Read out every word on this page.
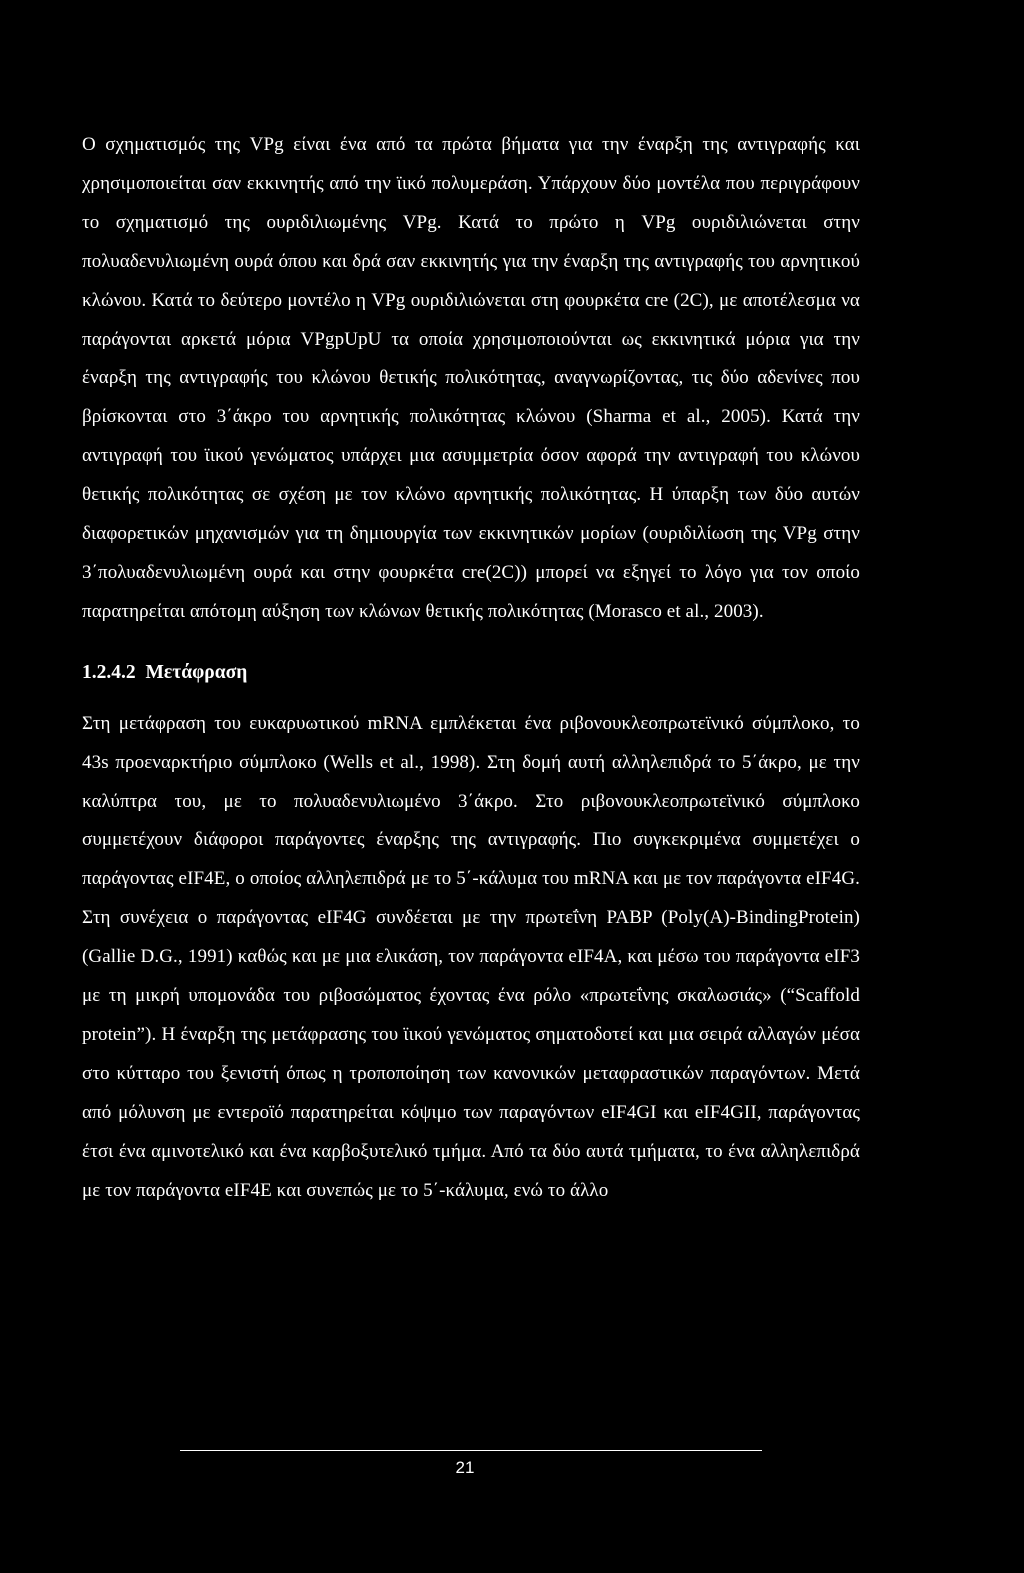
Ο σχηματισμός της VPg είναι ένα από τα πρώτα βήματα για την έναρξη της αντιγραφής και χρησιμοποιείται σαν εκκινητής από την ϊικό πολυμεράση. Υπάρχουν δύο μοντέλα που περιγράφουν το σχηματισμό της ουριδιλιωμένης VPg. Κατά το πρώτο η VPg ουριδιλιώνεται στην πολυαδενυλιωμένη ουρά όπου και δρά σαν εκκινητής για την έναρξη της αντιγραφής του αρνητικού κλώνου. Κατά το δεύτερο μοντέλο η VPg ουριδιλιώνεται στη φουρκέτα cre (2C), με αποτέλεσμα να παράγονται αρκετά μόρια VPgpUpU τα οποία χρησιμοποιούνται ως εκκινητικά μόρια για την έναρξη της αντιγραφής του κλώνου θετικής πολικότητας, αναγνωρίζοντας, τις δύο αδενίνες που βρίσκονται στο 3΄άκρο του αρνητικής πολικότητας κλώνου (Sharma et al., 2005). Κατά την αντιγραφή του ϊικού γενώματος υπάρχει μια ασυμμετρία όσον αφορά την αντιγραφή του κλώνου θετικής πολικότητας σε σχέση με τον κλώνο αρνητικής πολικότητας. Η ύπαρξη των δύο αυτών διαφορετικών μηχανισμών για τη δημιουργία των εκκινητικών μορίων (ουριδιλίωση της VPg στην 3΄πολυαδενυλιωμένη ουρά και στην φουρκέτα cre(2C)) μπορεί να εξηγεί το λόγο για τον οποίο παρατηρείται απότομη αύξηση των κλώνων θετικής πολικότητας (Morasco et al., 2003).

1.2.4.2 Μετάφραση

Στη μετάφραση του ευκαρυωτικού mRNA εμπλέκεται ένα ριβονουκλεοπρωτεϊνικό σύμπλοκο, το 43s προεναρκτήριο σύμπλοκο (Wells et al., 1998). Στη δομή αυτή αλληλεπιδρά το 5΄άκρο, με την καλύπτρα του, με το πολυαδενυλιωμένο 3΄άκρο. Στο ριβονουκλεοπρωτεϊνικό σύμπλοκο συμμετέχουν διάφοροι παράγοντες έναρξης της αντιγραφής. Πιο συγκεκριμένα συμμετέχει ο παράγοντας eIF4E, ο οποίος αλληλεπιδρά με το 5΄-κάλυμα του mRNA και με τον παράγοντα eIF4G. Στη συνέχεια ο παράγοντας eIF4G συνδέεται με την πρωτεΐνη PABP (Poly(A)-BindingProtein) (Gallie D.G., 1991) καθώς και με μια ελικάση, τον παράγοντα eIF4A, και μέσω του παράγοντα eIF3 με τη μικρή υπομονάδα του ριβοσώματος έχοντας ένα ρόλο «πρωτεΐνης σκαλωσιάς» (“Scaffold protein”). Η έναρξη της μετάφρασης του ϊικού γενώματος σηματοδοτεί και μια σειρά αλλαγών μέσα στο κύτταρο του ξενιστή όπως η τροποποίηση των κανονικών μεταφραστικών παραγόντων. Μετά από μόλυνση με εντεροϊό παρατηρείται κόψιμο των παραγόντων eIF4GI και eIF4GII, παράγοντας έτσι ένα αμινοτελικό και ένα καρβοξυτελικό τμήμα. Από τα δύο αυτά τμήματα, το ένα αλληλεπιδρά με τον παράγοντα eIF4E και συνεπώς με το 5΄-κάλυμα, ενώ το άλλο

21
